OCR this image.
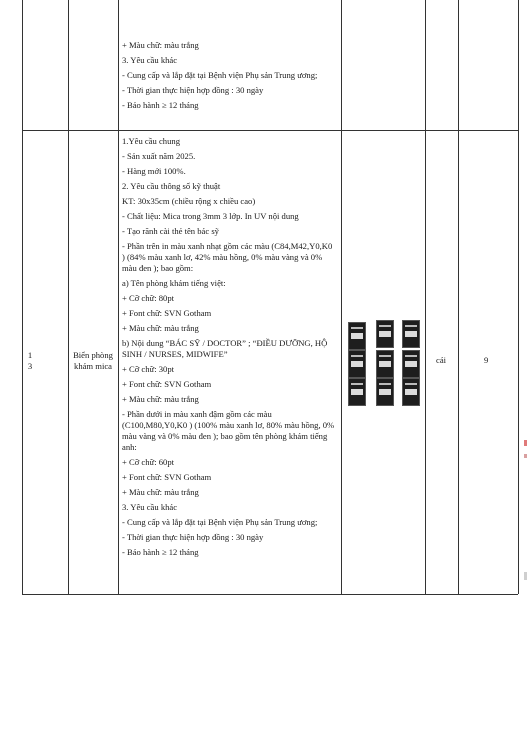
+ Màu chữ: màu trắng
3. Yêu cầu khác
- Cung cấp và lắp đặt tại Bệnh viện Phụ sản Trung ương;
- Thời gian thực hiện hợp đồng : 30 ngày
- Bảo hành ≥ 12 tháng
13
Biển phòng khám mica
1.Yêu cầu chung
- Sản xuất năm 2025.
- Hàng mới 100%.
2. Yêu cầu thông số kỹ thuật
KT: 30x35cm (chiều rộng x chiều cao)
- Chất liệu: Mica trong 3mm 3 lớp. In UV nội dung
- Tạo rãnh cài thẻ tên bác sỹ
- Phần trên in màu xanh nhạt gồm các màu (C84,M42,Y0,K0 ) (84% màu xanh lơ, 42% màu hồng, 0% màu vàng và 0% màu đen ); bao gồm:
a) Tên phòng khám tiếng việt:
+ Cỡ chữ: 80pt
+ Font chữ: SVN Gotham
+ Màu chữ: màu trắng
b) Nội dung “BÁC SỸ / DOCTOR” ; “ĐIỀU DƯỠNG, HỘ SINH / NURSES, MIDWIFE”
+ Cỡ chữ: 30pt
+ Font chữ: SVN Gotham
+ Màu chữ: màu trắng
- Phần dưới in màu xanh đậm gồm các màu (C100,M80,Y0,K0 ) (100% màu xanh lơ, 80% màu hồng, 0% màu vàng và 0% màu đen ); bao gồm tên phòng khám tiếng anh:
+ Cỡ chữ: 60pt
+ Font chữ: SVN Gotham
+ Màu chữ: màu trắng
3. Yêu cầu khác
- Cung cấp và lắp đặt tại Bệnh viện Phụ sản Trung ương;
- Thời gian thực hiện hợp đồng : 30 ngày
- Báo hành ≥ 12 tháng
cái	9
